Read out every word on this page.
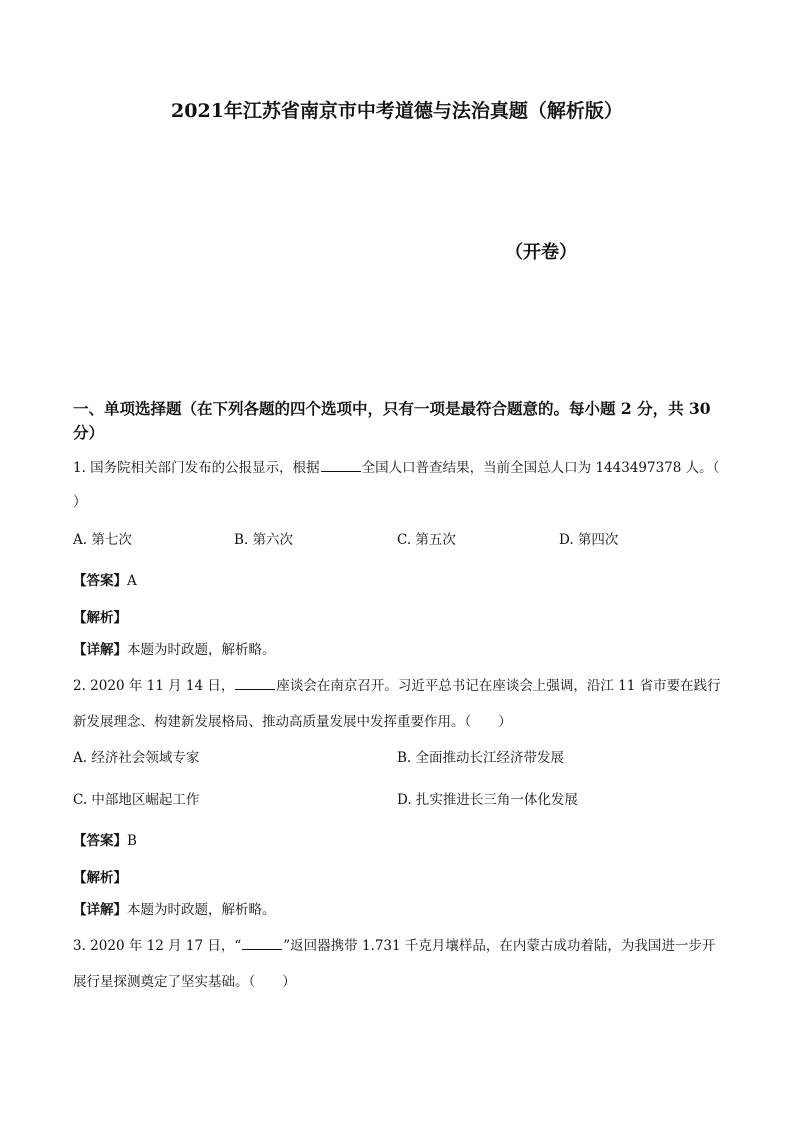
2021年江苏省南京市中考道德与法治真题（解析版）
（开卷）
一、单项选择题（在下列各题的四个选项中，只有一项是最符合题意的。每小题 2 分，共 30
分）
1. 国务院相关部门发布的公报显示，根据	全国人口普查结果，当前全国总人口为 1443497378 人。（
）
A. 第七次	B. 第六次	C. 第五次	D. 第四次
【答案】A
【解析】
【详解】本题为时政题，解析略。
2. 2020 年 11 月 14 日，	座谈会在南京召开。习近平总书记在座谈会上强调，沿江 11 省市要在践行
新发展理念、构建新发展格局、推动高质量发展中发挥重要作用。（　　）
A. 经济社会领域专家	B. 全面推动长江经济带发展
C. 中部地区崛起工作	D. 扎实推进长三角一体化发展
【答案】B
【解析】
【详解】本题为时政题，解析略。
3. 2020 年 12 月 17 日，“	”返回器携带 1.731 千克月壤样品，在内蒙古成功着陆，为我国进一步开
展行星探测奠定了坚实基础。（　　）
